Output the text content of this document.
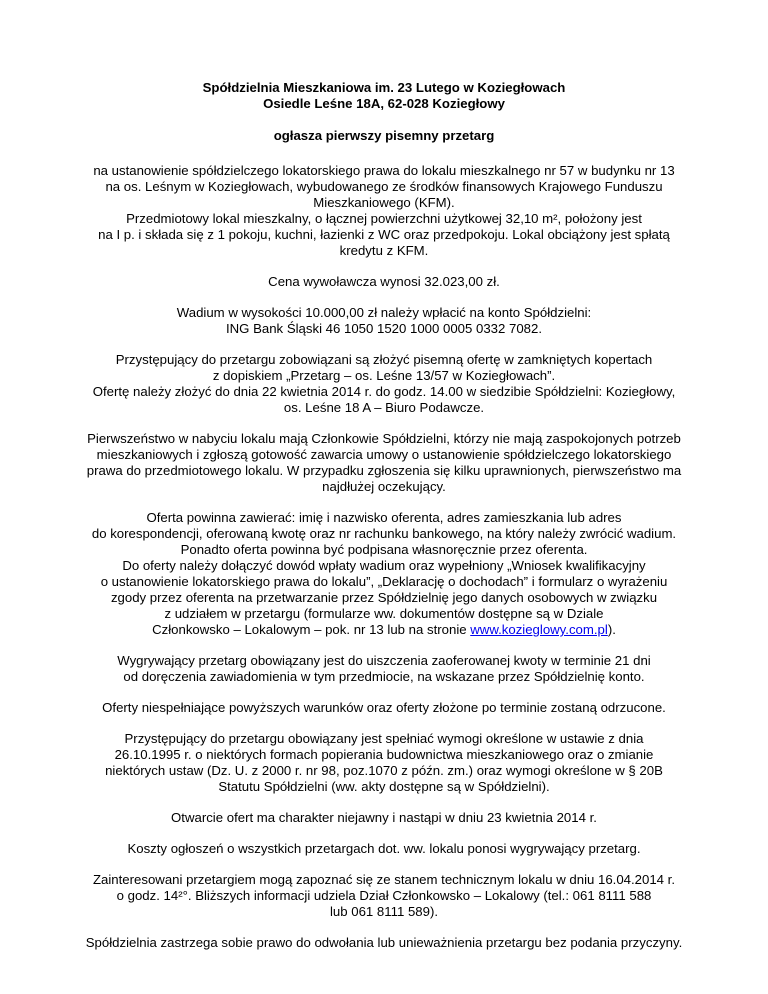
Spółdzielnia Mieszkaniowa im. 23 Lutego w Koziegłowach
Osiedle Leśne 18A, 62-028 Koziegłowy
ogłasza pierwszy pisemny przetarg
na ustanowienie spółdzielczego lokatorskiego prawa do lokalu mieszkalnego nr 57 w budynku nr 13
na os. Leśnym w Koziegłowach, wybudowanego ze środków finansowych Krajowego Funduszu
Mieszkaniowego (KFM).
Przedmiotowy lokal mieszkalny, o łącznej powierzchni użytkowej 32,10 m², położony jest
na I p. i składa się z 1 pokoju, kuchni, łazienki z WC oraz przedpokoju. Lokal obciążony jest spłatą
kredytu z KFM.
Cena wywoławcza wynosi 32.023,00 zł.
Wadium w wysokości 10.000,00 zł należy wpłacić na konto Spółdzielni:
ING Bank Śląski 46 1050 1520 1000 0005 0332 7082.
Przystępujący do przetargu zobowiązani są złożyć pisemną ofertę w zamkniętych kopertach
z dopiskiem „Przetarg – os. Leśne 13/57 w Koziegłowach”.
Ofertę należy złożyć do dnia 22 kwietnia 2014 r. do godz. 14.00 w siedzibie Spółdzielni: Koziegłowy,
os. Leśne 18 A – Biuro Podawcze.
Pierwszeństwo w nabyciu lokalu mają Członkowie Spółdzielni, którzy nie mają zaspokojonych potrzeb
mieszkaniowych i zgłoszą gotowość zawarcia umowy o ustanowienie spółdzielczego lokatorskiego
prawa do przedmiotowego lokalu. W przypadku zgłoszenia się kilku uprawnionych, pierwszeństwo ma
najdłużej oczekujący.
Oferta powinna zawierać: imię i nazwisko oferenta, adres zamieszkania lub adres
do korespondencji, oferowaną kwotę oraz nr rachunku bankowego, na który należy zwrócić wadium.
Ponadto oferta powinna być podpisana własnoręcznie przez oferenta.
Do oferty należy dołączyć dowód wpłaty wadium oraz wypełniony „Wniosek kwalifikacyjny
o ustanowienie lokatorskiego prawa do lokalu”, „Deklarację o dochodach” i formularz o wyrażeniu
zgody przez oferenta na przetwarzanie przez Spółdzielnię jego danych osobowych w związku
z udziałem w przetargu (formularze ww. dokumentów dostępne są w Dziale
Członkowsko – Lokalowym – pok. nr 13 lub na stronie www.kozieglowy.com.pl).
Wygrywający przetarg obowiązany jest do uiszczenia zaoferowanej kwoty w terminie 21 dni
od doręczenia zawiadomienia w tym przedmiocie, na wskazane przez Spółdzielnię konto.
Oferty niespełniające powyższych warunków oraz oferty złożone po terminie zostaną odrzucone.
Przystępujący do przetargu obowiązany jest spełniać wymogi określone w ustawie z dnia
26.10.1995 r. o niektórych formach popierania budownictwa mieszkaniowego oraz o zmianie
niektórych ustaw (Dz. U. z 2000 r. nr 98, poz.1070 z późn. zm.) oraz wymogi określone w § 20B
Statutu Spółdzielni (ww. akty dostępne są w Spółdzielni).
Otwarcie ofert ma charakter niejawny i nastąpi w dniu 23 kwietnia 2014 r.
Koszty ogłoszeń o wszystkich przetargach dot. ww. lokalu ponosi wygrywający przetarg.
Zainteresowani przetargiem mogą zapoznać się ze stanem technicznym lokalu w dniu 16.04.2014 r.
o godz. 14²°. Bliższych informacji udziela Dział Członkowsko – Lokalowy (tel.: 061 8111 588
lub 061 8111 589).
Spółdzielnia zastrzega sobie prawo do odwołania lub unieważnienia przetargu bez podania przyczyny.
